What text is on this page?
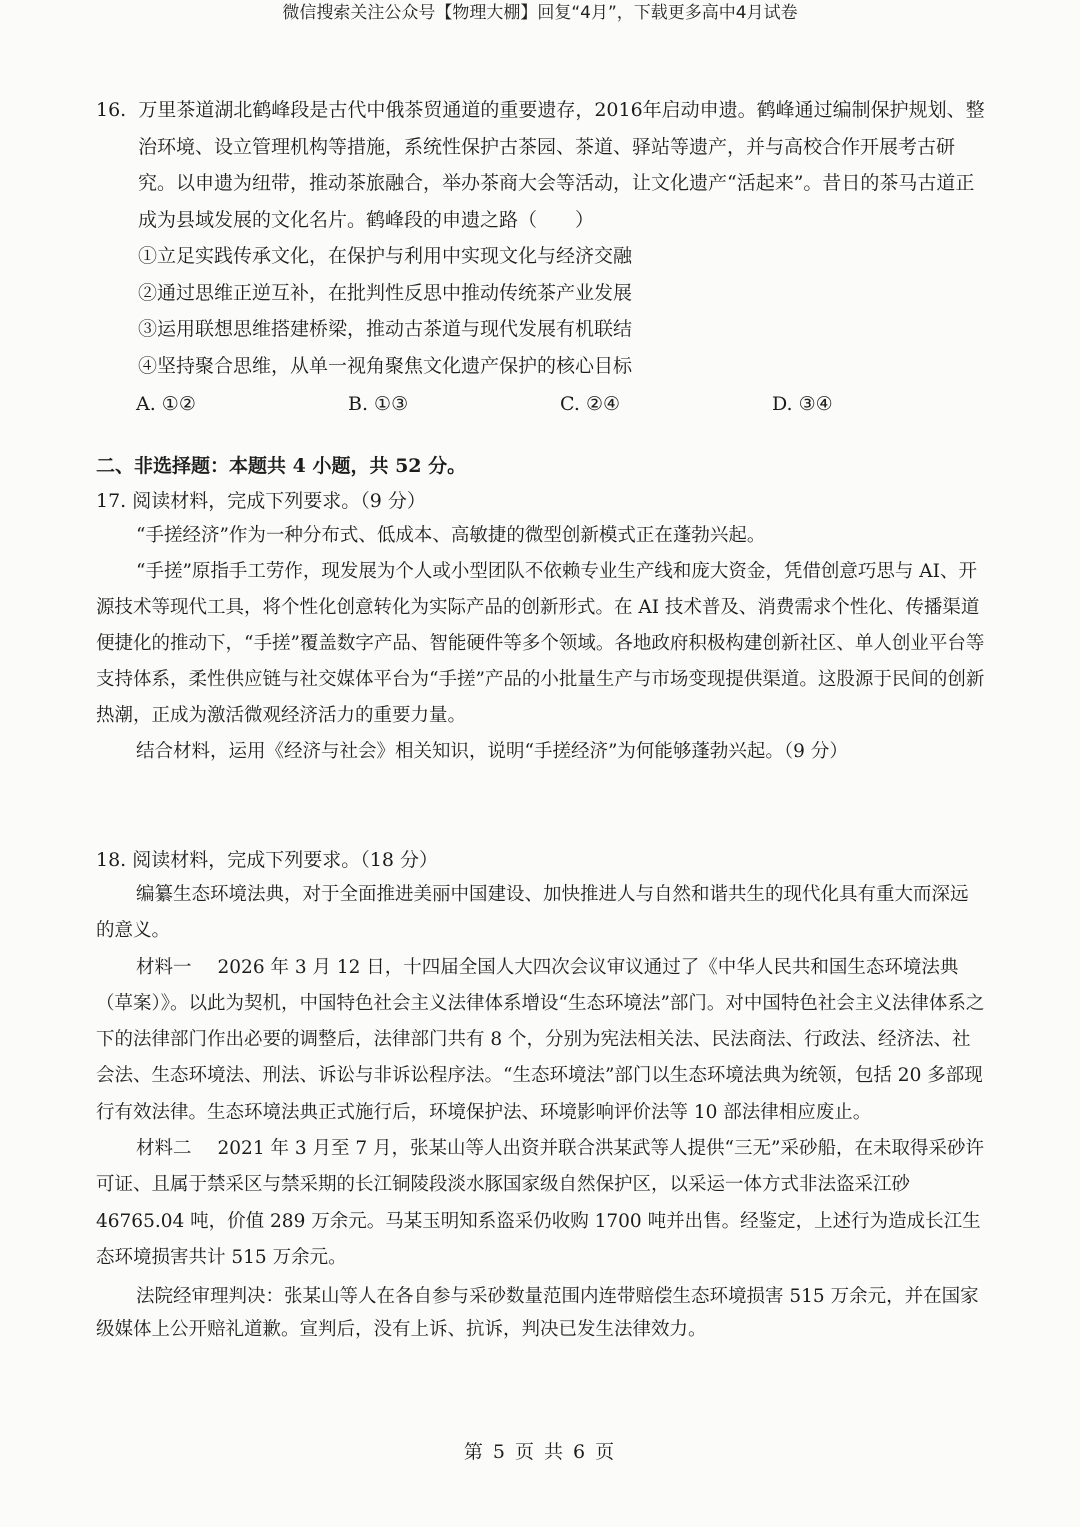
微信搜索关注公众号【物理大棚】回复“4月”，下载更多高中4月试卷
16. 万里茶道湖北鹤峰段是古代中俄茶贸通道的重要遗存，2016年启动申遗。鹤峰通过编制保护规划、整治环境、设立管理机构等措施，系统性保护古茶园、茶道、驿站等遗产，并与高校合作开展考古研究。以申遗为纽带，推动茶旅融合，举办茶商大会等活动，让文化遗产“活起来”。昔日的茶马古道正成为县域发展的文化名片。鹤峰段的申遗之路（　　）
①立足实践传承文化，在保护与利用中实现文化与经济交融
②通过思维正逆互补，在批判性反思中推动传统茶产业发展
③运用联想思维搭建桥梁，推动古茶道与现代发展有机联结
④坚持聚合思维，从单一视角聚焦文化遗产保护的核心目标
A. ①②	B. ①③	C. ②④	D. ③④
二、非选择题：本题共 4 小题，共 52 分。
17. 阅读材料，完成下列要求。（9 分）
“手搓经济”作为一种分布式、低成本、高敏捷的微型创新模式正在蓬勃兴起。
“手搓”原指手工劳作，现发展为个人或小型团队不依赖专业生产线和庞大资金，凭借创意巧思与 AI、开源技术等现代工具，将个性化创意转化为实际产品的创新形式。在 AI 技术普及、消费需求个性化、传播渠道便捷化的推动下，“手搓”覆盖数字产品、智能硬件等多个领域。各地政府积极构建创新社区、单人创业平台等支持体系，柔性供应链与社交媒体平台为“手搓”产品的小批量生产与市场变现提供渠道。这股源于民间的创新热潮，正成为激活微观经济活力的重要力量。
结合材料，运用《经济与社会》相关知识，说明“手搓经济”为何能够蓬勃兴起。（9 分）
18. 阅读材料，完成下列要求。（18 分）
编纂生态环境法典，对于全面推进美丽中国建设、加快推进人与自然和谐共生的现代化具有重大而深远的意义。
材料一 2026 年 3 月 12 日，十四届全国人大四次会议审议通过了《中华人民共和国生态环境法典（草案）》。以此为契机，中国特色社会主义法律体系增设“生态环境法”部门。对中国特色社会主义法律体系之下的法律部门作出必要的调整后，法律部门共有 8 个，分别为宪法相关法、民法商法、行政法、经济法、社会法、生态环境法、刑法、诉讼与非诉讼程序法。“生态环境法”部门以生态环境法典为统领，包括 20 多部现行有效法律。生态环境法典正式施行后，环境保护法、环境影响评价法等 10 部法律相应废止。
材料二 2021 年 3 月至 7 月，张某山等人出资并联合洪某武等人提供“三无”采砂船，在未取得采砂许可证、且属于禁采区与禁采期的长江铜陵段淡水豚国家级自然保护区，以采运一体方式非法盗采江砂 46765.04 吨，价值 289 万余元。马某玉明知系盗采仍收购 1700 吨并出售。经鉴定，上述行为造成长江生态环境损害共计 515 万余元。
法院经审理判决：张某山等人在各自参与采砂数量范围内连带赔偿生态环境损害 515 万余元，并在国家级媒体上公开赔礼道歉。宣判后，没有上诉、抗诉，判决已发生法律效力。
第 5 页 共 6 页
